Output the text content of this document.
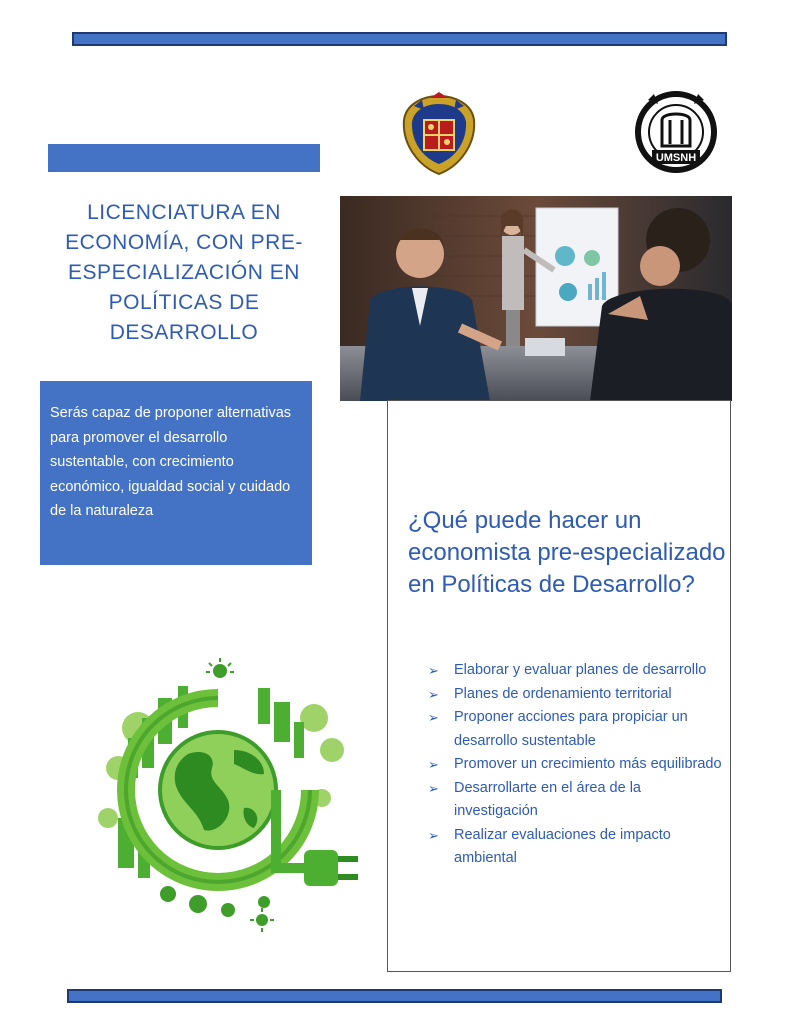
UMSNH
LICENCIATURA EN ECONOMÍA, CON PRE-ESPECIALIZACIÓN EN POLÍTICAS DE DESARROLLO
Serás capaz de proponer alternativas para promover el desarrollo sustentable, con crecimiento económico, igualdad social y cuidado de la naturaleza	¿Qué puede hacer un economista pre-especializado en Políticas de Desarrollo?
➢ Elaborar y evaluar planes de desarrollo
➢ Planes de ordenamiento territorial
➢ Proponer acciones para propiciar un desarrollo sustentable
➢ Promover un crecimiento más equilibrado
➢ Desarrollarte en el área de la investigación
➢ Realizar evaluaciones de impacto ambiental
